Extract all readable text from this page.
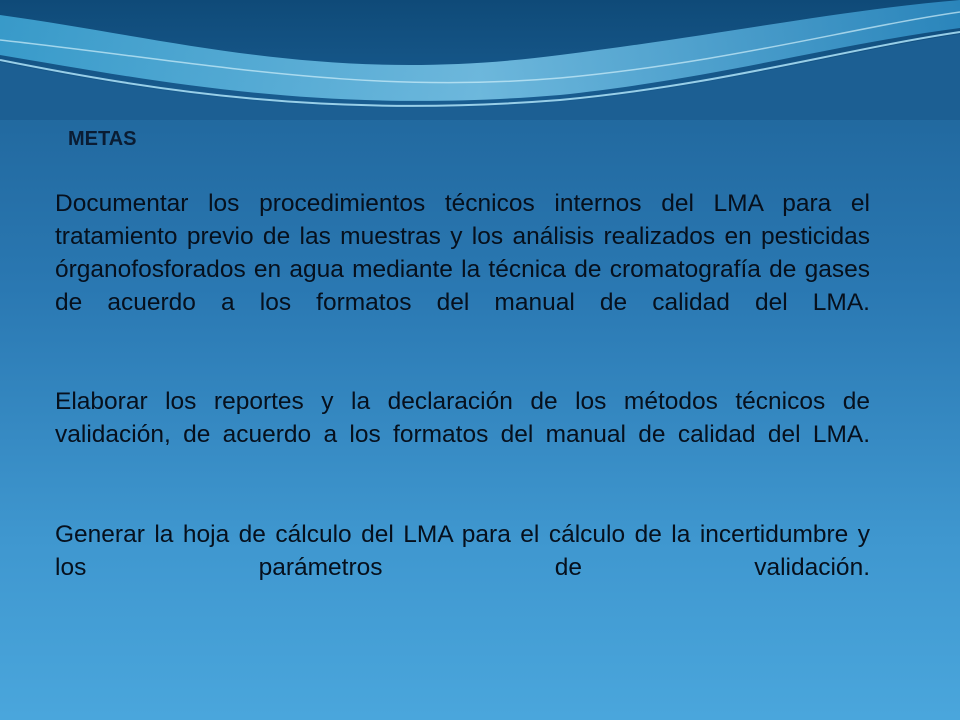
METAS

Documentar los procedimientos técnicos internos del LMA para el tratamiento previo de las muestras y los análisis realizados en pesticidas órganofosforados en agua mediante la técnica de cromatografía de gases de acuerdo a los formatos del manual de calidad del LMA.

Elaborar los reportes y la declaración de los métodos técnicos de validación, de acuerdo a los formatos del manual de calidad del LMA.

Generar la hoja de cálculo del LMA para el cálculo de la incertidumbre y los parámetros de validación.
